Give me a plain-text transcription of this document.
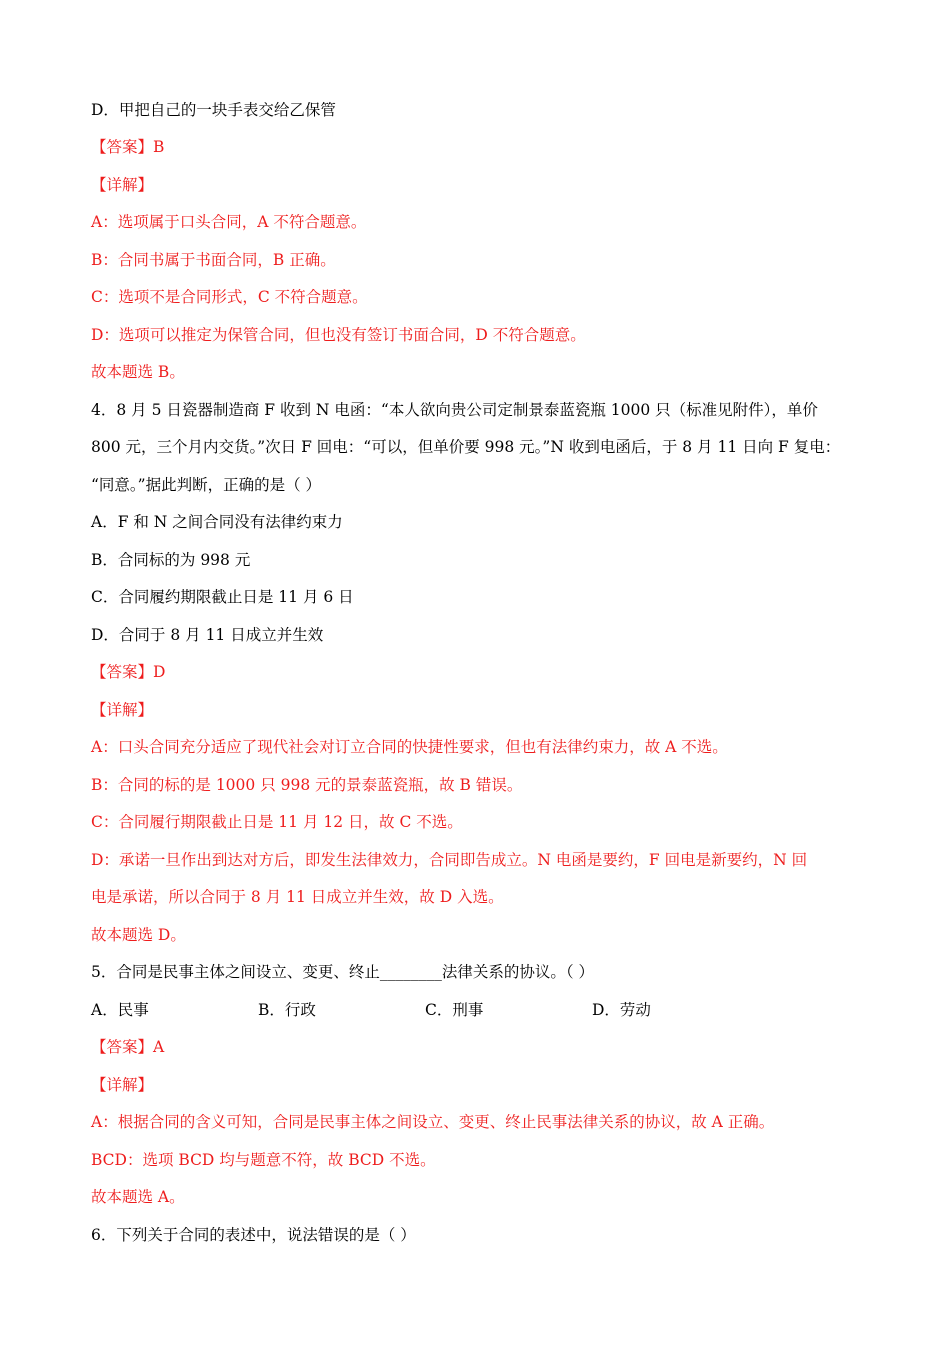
D．甲把自己的一块手表交给乙保管
【答案】B
【详解】
A：选项属于口头合同，A 不符合题意。
B：合同书属于书面合同，B 正确。
C：选项不是合同形式，C 不符合题意。
D：选项可以推定为保管合同，但也没有签订书面合同，D 不符合题意。
故本题选 B。
4．8 月 5 日瓷器制造商 F 收到 N 电函：“本人欲向贵公司定制景泰蓝瓷瓶 1000 只（标准见附件），单价
800 元，三个月内交货。”次日 F 回电：“可以，但单价要 998 元。”N 收到电函后，于 8 月 11 日向 F 复电：
“同意。”据此判断，正确的是（ ）
A．F 和 N 之间合同没有法律约束力
B．合同标的为 998 元
C．合同履约期限截止日是 11 月 6 日
D．合同于 8 月 11 日成立并生效
【答案】D
【详解】
A：口头合同充分适应了现代社会对订立合同的快捷性要求，但也有法律约束力，故 A 不选。
B：合同的标的是 1000 只 998 元的景泰蓝瓷瓶，故 B 错误。
C：合同履行期限截止日是 11 月 12 日，故 C 不选。
D：承诺一旦作出到达对方后，即发生法律效力，合同即告成立。N 电函是要约，F 回电是新要约，N 回
电是承诺，所以合同于 8 月 11 日成立并生效，故 D 入选。
故本题选 D。
5．合同是民事主体之间设立、变更、终止________法律关系的协议。（ ）
A．民事	B．行政	C．刑事	D．劳动
【答案】A
【详解】
A：根据合同的含义可知，合同是民事主体之间设立、变更、终止民事法律关系的协议，故 A 正确。
BCD：选项 BCD 均与题意不符，故 BCD 不选。
故本题选 A。
6．下列关于合同的表述中，说法错误的是（ ）
